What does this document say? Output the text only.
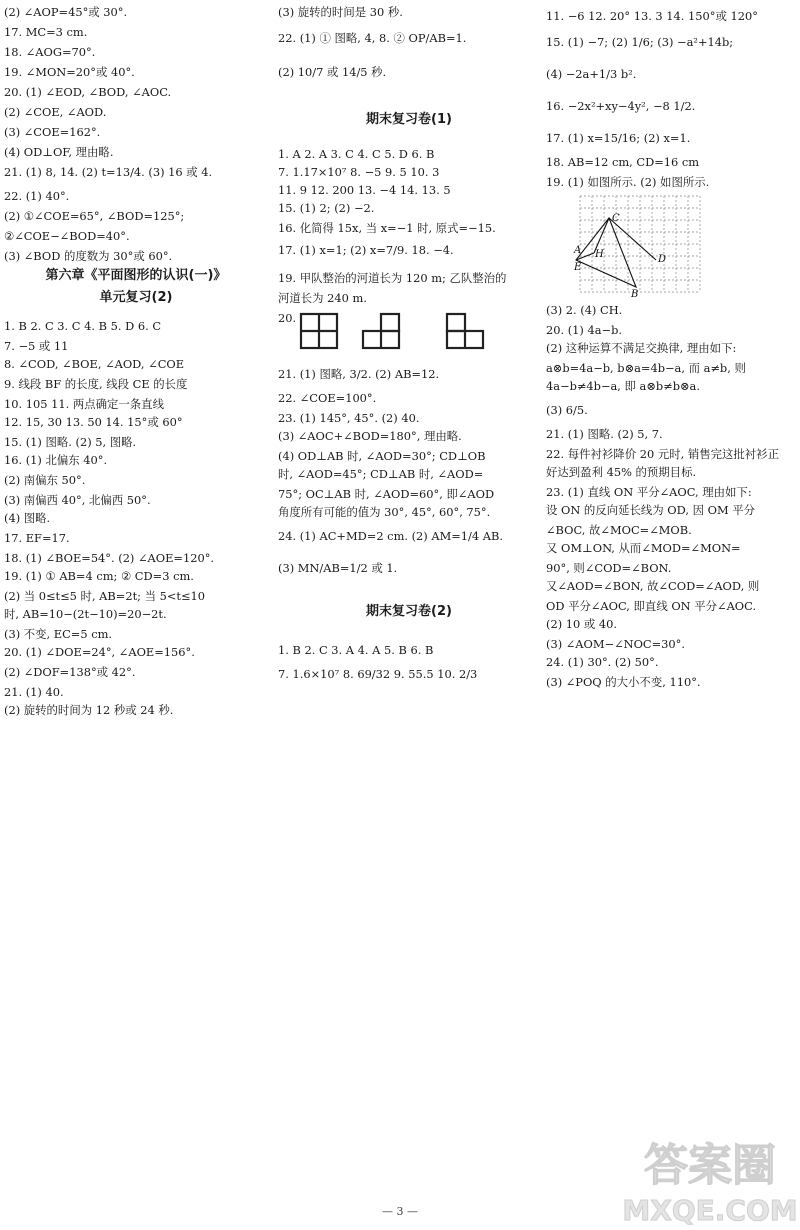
第六章《平面图形的认识(一)》
单元复习(2)
(2) ∠AOP=45°或 30°.
17. MC=3 cm.
18. ∠AOG=70°.
19. ∠MON=20°或 40°.
20. (1) ∠EOD, ∠BOD, ∠AOC.
(2) ∠COE, ∠AOD.
(3) ∠COE=162°.
(4) OD⊥OF, 理由略.
21. (1) 8, 14. (2) t=13/4. (3) 16 或 4.
22. (1) 40°.
(2) ①∠COE=65°, ∠BOD=125°;
②∠COE−∠BOD=40°.
(3) ∠BOD 的度数为 30°或 60°.
1. B 2. C 3. C 4. B 5. D 6. C
7. −5 或 11
8. ∠COD, ∠BOE, ∠AOD, ∠COE
9. 线段 BF 的长度, 线段 CE 的长度
10. 105 11. 两点确定一条直线
12. 15, 30 13. 50 14. 15°或 60°
15. (1) 图略. (2) 5, 图略.
16. (1) 北偏东 40°.
(2) 南偏东 50°.
(3) 南偏西 40°, 北偏西 50°.
(4) 图略.
17. EF=17.
18. (1) ∠BOE=54°. (2) ∠AOE=120°.
19. (1) ① AB=4 cm; ② CD=3 cm.
(2) 当 0≤t≤5 时, AB=2t; 当 5<t≤10
时, AB=10−(2t−10)=20−2t.
(3) 不变, EC=5 cm.
20. (1) ∠DOE=24°, ∠AOE=156°.
(2) ∠DOF=138°或 42°.
21. (1) 40.
(2) 旋转的时间为 12 秒或 24 秒.
期末复习卷(1)
期末复习卷(2)
(3) 旋转的时间是 30 秒.
22. (1) ① 图略, 4, 8. ② OP/AB=1.
(2) 10/7 或 14/5 秒.
1. A 2. A 3. C 4. C 5. D 6. B
7. 1.17×10⁷ 8. −5 9. 5 10. 3
11. 9 12. 200 13. −4 14. 13. 5
15. (1) 2; (2) −2.
16. 化简得 15x, 当 x=−1 时, 原式=−15.
17. (1) x=1; (2) x=7/9. 18. −4.
19. 甲队整治的河道长为 120 m; 乙队整治的
河道长为 240 m.
20.
21. (1) 图略, 3/2. (2) AB=12.
22. ∠COE=100°.
23. (1) 145°, 45°. (2) 40.
(3) ∠AOC+∠BOD=180°, 理由略.
(4) OD⊥AB 时, ∠AOD=30°; CD⊥OB
时, ∠AOD=45°; CD⊥AB 时, ∠AOD=
75°; OC⊥AB 时, ∠AOD=60°, 即∠AOD
角度所有可能的值为 30°, 45°, 60°, 75°.
24. (1) AC+MD=2 cm. (2) AM=1/4 AB.
(3) MN/AB=1/2 或 1.
1. B 2. C 3. A 4. A 5. B 6. B
7. 1.6×10⁷ 8. 69/32 9. 55.5 10. 2/3
C
A H
E
D
B
11. −6 12. 20° 13. 3 14. 150°或 120°
15. (1) −7; (2) 1/6; (3) −a²+14b;
(4) −2a+1/3 b².
16. −2x²+xy−4y², −8 1/2.
17. (1) x=15/16; (2) x=1.
18. AB=12 cm, CD=16 cm
19. (1) 如图所示. (2) 如图所示.
(3) 2. (4) CH.
20. (1) 4a−b.
(2) 这种运算不满足交换律, 理由如下:
a⊗b=4a−b, b⊗a=4b−a, 而 a≠b, 则
4a−b≠4b−a, 即 a⊗b≠b⊗a.
(3) 6/5.
21. (1) 图略. (2) 5, 7.
22. 每件衬衫降价 20 元时, 销售完这批衬衫正
好达到盈利 45% 的预期目标.
23. (1) 直线 ON 平分∠AOC, 理由如下:
设 ON 的反向延长线为 OD, 因 OM 平分
∠BOC, 故∠MOC=∠MOB.
又 OM⊥ON, 从而∠MOD=∠MON=
90°, 则∠COD=∠BON.
又∠AOD=∠BON, 故∠COD=∠AOD, 则
OD 平分∠AOC, 即直线 ON 平分∠AOC.
(2) 10 或 40.
(3) ∠AOM−∠NOC=30°.
24. (1) 30°. (2) 50°.
(3) ∠POQ 的大小不变, 110°.
答案圈
MXQE.COM
— 3 —
